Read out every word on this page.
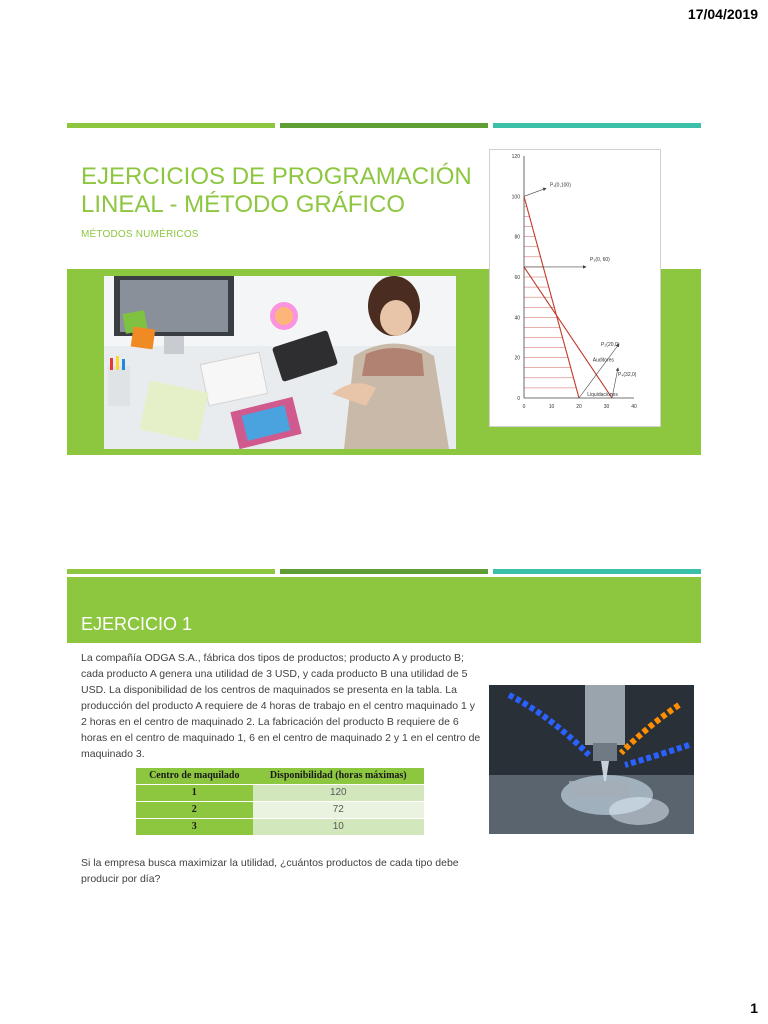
17/04/2019
EJERCICIOS DE PROGRAMACIÓN LINEAL - MÉTODO GRÁFICO
MÉTODOS NUMÉRICOS
0
20
40
60
80
100
120
0	10	20	30	40
P₁(0,100)
P₃(0, 60)
P₂(20,0)
P₄(32,0)
Auditores
Liquidaciones
EJERCICIO 1
La compañía ODGA S.A., fábrica dos tipos de productos; producto A y producto B; cada producto A genera una utilidad de 3 USD, y cada producto B una utilidad de 5 USD. La disponibilidad de los centros de maquinados se presenta en la tabla. La producción del producto A requiere de 4 horas de trabajo en el centro maquinado 1 y 2 horas en el centro de maquinado 2. La fabricación del producto B requiere de 6 horas en el centro de maquinado 1, 6 en el centro de maquinado 2 y 1 en el centro de maquinado 3.
Centro de maquilado	Disponibilidad (horas máximas)
1	120
2	72
3	10
Si la empresa busca maximizar la utilidad, ¿cuántos productos de cada tipo debe producir por día?
1
